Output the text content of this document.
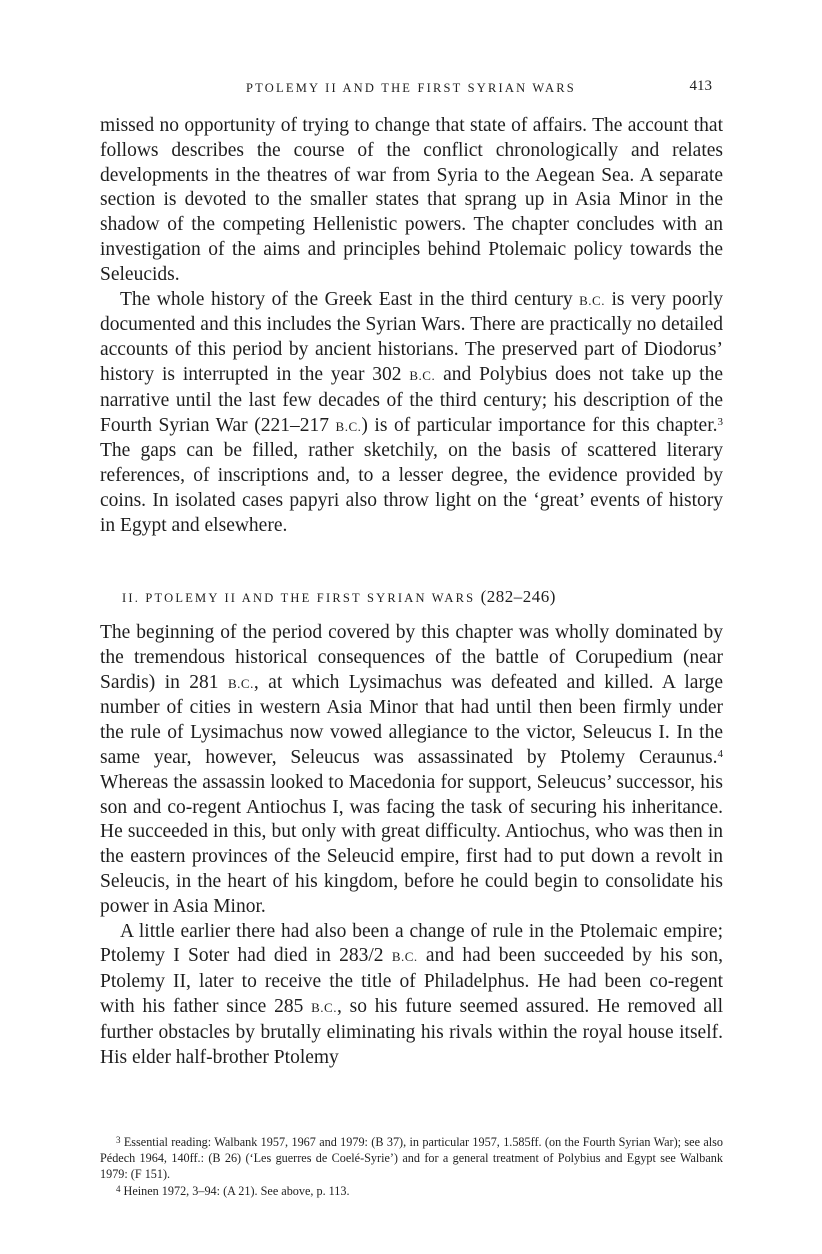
PTOLEMY II AND THE FIRST SYRIAN WARS	413

missed no opportunity of trying to change that state of affairs. The account that follows describes the course of the conflict chronologically and relates developments in the theatres of war from Syria to the Aegean Sea. A separate section is devoted to the smaller states that sprang up in Asia Minor in the shadow of the competing Hellenistic powers. The chapter concludes with an investigation of the aims and principles behind Ptolemaic policy towards the Seleucids.

The whole history of the Greek East in the third century B.C. is very poorly documented and this includes the Syrian Wars. There are practically no detailed accounts of this period by ancient historians. The preserved part of Diodorus’ history is interrupted in the year 302 B.C. and Polybius does not take up the narrative until the last few decades of the third century; his description of the Fourth Syrian War (221–217 B.C.) is of particular importance for this chapter.$^3$ The gaps can be filled, rather sketchily, on the basis of scattered literary references, of inscriptions and, to a lesser degree, the evidence provided by coins. In isolated cases papyri also throw light on the ‘great’ events of history in Egypt and elsewhere.

II. PTOLEMY II AND THE FIRST SYRIAN WARS (282–246)

The beginning of the period covered by this chapter was wholly dominated by the tremendous historical consequences of the battle of Corupedium (near Sardis) in 281 B.C., at which Lysimachus was defeated and killed. A large number of cities in western Asia Minor that had until then been firmly under the rule of Lysimachus now vowed allegiance to the victor, Seleucus I. In the same year, however, Seleucus was assassinated by Ptolemy Ceraunus.$^4$ Whereas the assassin looked to Macedonia for support, Seleucus’ successor, his son and co-regent Antiochus I, was facing the task of securing his inheritance. He succeeded in this, but only with great difficulty. Antiochus, who was then in the eastern provinces of the Seleucid empire, first had to put down a revolt in Seleucis, in the heart of his kingdom, before he could begin to consolidate his power in Asia Minor.

A little earlier there had also been a change of rule in the Ptolemaic empire; Ptolemy I Soter had died in 283/2 B.C. and had been succeeded by his son, Ptolemy II, later to receive the title of Philadelphus. He had been co-regent with his father since 285 B.C., so his future seemed assured. He removed all further obstacles by brutally eliminating his rivals within the royal house itself. His elder half-brother Ptolemy

$^3$ Essential reading: Walbank 1957, 1967 and 1979: (B 37), in particular 1957, 1.585ff. (on the Fourth Syrian War); see also Pédech 1964, 140ff.: (B 26) (‘Les guerres de Coelé-Syrie’) and for a general treatment of Polybius and Egypt see Walbank 1979: (F 151).

$^4$ Heinen 1972, 3–94: (A 21). See above, p. 113.
